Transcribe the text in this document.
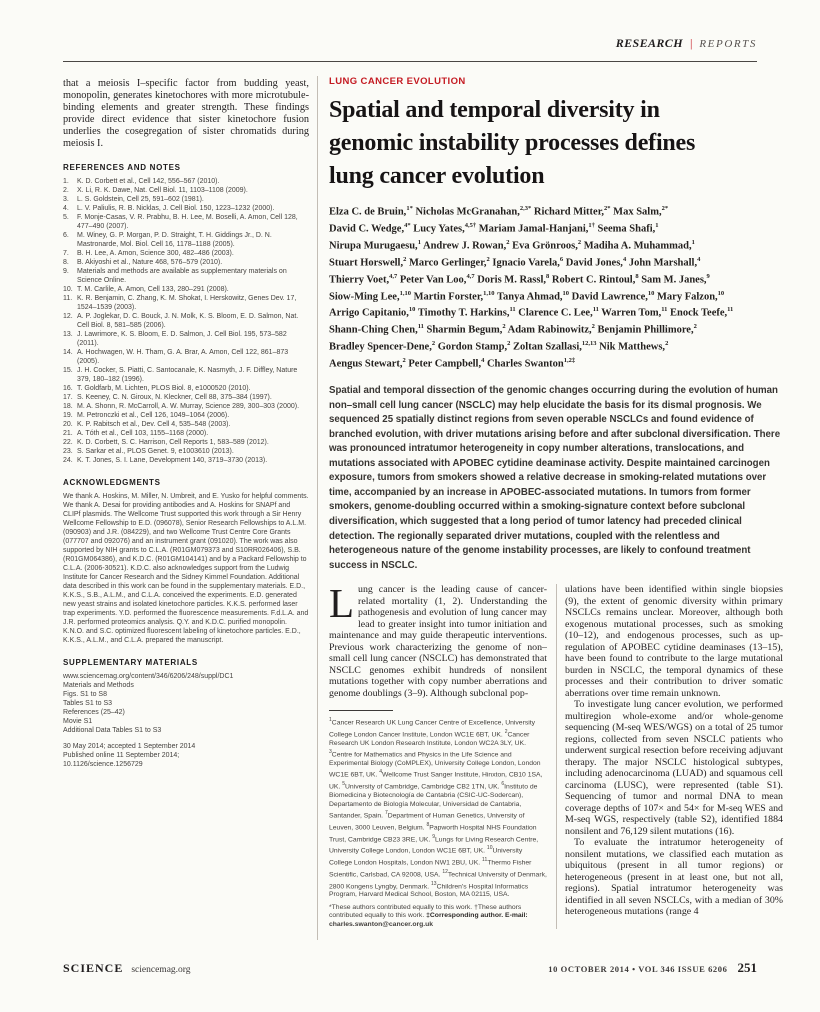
RESEARCH | REPORTS

that a meiosis I–specific factor from budding yeast, monopolin, generates kinetochores with more microtubule-binding elements and greater strength. These findings provide direct evidence that sister kinetochore fusion underlies the cosegregation of sister chromatids during meiosis I.

REFERENCES AND NOTES
1.	K. D. Corbett et al., Cell 142, 556–567 (2010).
2.	X. Li, R. K. Dawe, Nat. Cell Biol. 11, 1103–1108 (2009).
3.	L. S. Goldstein, Cell 25, 591–602 (1981).
4.	L. V. Paliulis, R. B. Nicklas, J. Cell Biol. 150, 1223–1232 (2000).
5.	F. Monje-Casas, V. R. Prabhu, B. H. Lee, M. Boselli, A. Amon, Cell 128, 477–490 (2007).
6.	M. Winey, G. P. Morgan, P. D. Straight, T. H. Giddings Jr., D. N. Mastronarde, Mol. Biol. Cell 16, 1178–1188 (2005).
7.	B. H. Lee, A. Amon, Science 300, 482–486 (2003).
8.	B. Akiyoshi et al., Nature 468, 576–579 (2010).
9.	Materials and methods are available as supplementary materials on Science Online.
10. T. M. Carlile, A. Amon, Cell 133, 280–291 (2008).
11. K. R. Benjamin, C. Zhang, K. M. Shokat, I. Herskowitz, Genes Dev. 17, 1524–1539 (2003).
12. A. P. Joglekar, D. C. Bouck, J. N. Molk, K. S. Bloom, E. D. Salmon, Nat. Cell Biol. 8, 581–585 (2006).
13. J. Lawrimore, K. S. Bloom, E. D. Salmon, J. Cell Biol. 195, 573–582 (2011).
14. A. Hochwagen, W. H. Tham, G. A. Brar, A. Amon, Cell 122, 861–873 (2005).
15. J. H. Cocker, S. Piatti, C. Santocanale, K. Nasmyth, J. F. Diffley, Nature 379, 180–182 (1996).
16. T. Goldfarb, M. Lichten, PLOS Biol. 8, e1000520 (2010).
17. S. Keeney, C. N. Giroux, N. Kleckner, Cell 88, 375–384 (1997).
18. M. A. Shonn, R. McCarroll, A. W. Murray, Science 289, 300–303 (2000).
19. M. Petronczki et al., Cell 126, 1049–1064 (2006).
20. K. P. Rabitsch et al., Dev. Cell 4, 535–548 (2003).
21. A. Tóth et al., Cell 103, 1155–1168 (2000).
22. K. D. Corbett, S. C. Harrison, Cell Reports 1, 583–589 (2012).
23. S. Sarkar et al., PLOS Genet. 9, e1003610 (2013).
24. K. T. Jones, S. I. Lane, Development 140, 3719–3730 (2013).
ACKNOWLEDGMENTS

We thank A. Hoskins, M. Miller, N. Umbreit, and E. Yusko for helpful comments. We thank A. Desai for providing antibodies and A. Hoskins for SNAPf and CLIPf plasmids. The Wellcome Trust supported this work through a Sir Henry Wellcome Fellowship to E.D. (096078), Senior Research Fellowships to A.L.M. (090903) and J.R. (084229), and two Wellcome Trust Centre Core Grants (077707 and 092076) and an instrument grant (091020). The work was also supported by NIH grants to C.L.A. (R01GM079373 and S10RR026406), S.B. (R01GM064386), and K.D.C. (R01GM104141) and by a Packard Fellowship to C.L.A. (2006-30521). K.D.C. also acknowledges support from the Ludwig Institute for Cancer Research and the Sidney Kimmel Foundation. Additional data described in this work can be found in the supplementary materials. E.D., K.K.S., S.B., A.L.M., and C.L.A. conceived the experiments. E.D. generated new yeast strains and isolated kinetochore particles. K.K.S. performed laser trap experiments. Y.D. performed the fluorescence measurements. F.d.L.A. and J.R. performed proteomics analysis. Q.Y. and K.D.C. purified monopolin. K.N.O. and S.C. optimized fluorescent labeling of kinetochore particles. E.D., K.K.S., A.L.M., and C.L.A. prepared the manuscript.

SUPPLEMENTARY MATERIALS
www.sciencemag.org/content/346/6206/248/suppl/DC1
Materials and Methods
Figs. S1 to S8
Tables S1 to S3
References (25–42)
Movie S1
Additional Data Tables S1 to S3
30 May 2014; accepted 1 September 2014
Published online 11 September 2014;
10.1126/science.1256729
LUNG CANCER EVOLUTION
Spatial and temporal diversity in
genomic instability processes defines
lung cancer evolution
Elza C. de Bruin,$^{1*}$ Nicholas McGranahan,$^{2,3*}$ Richard Mitter,$^{2*}$ Max Salm,$^{2*}$
David C. Wedge,$^{4*}$ Lucy Yates,$^{4,5\dagger}$ Mariam Jamal-Hanjani,$^{1\dagger}$ Seema Shafi,$^1$
Nirupa Murugaesu,$^1$ Andrew J. Rowan,$^2$ Eva Grönroos,$^2$ Madiha A. Muhammad,$^1$
Stuart Horswell,$^2$ Marco Gerlinger,$^2$ Ignacio Varela,$^6$ David Jones,$^4$ John Marshall,$^4$
Thierry Voet,$^{4,7}$ Peter Van Loo,$^{4,7}$ Doris M. Rassl,$^8$ Robert C. Rintoul,$^8$ Sam M. Janes,$^9$
Siow-Ming Lee,$^{1,10}$ Martin Forster,$^{1,10}$ Tanya Ahmad,$^{10}$ David Lawrence,$^{10}$ Mary Falzon,$^{10}$
Arrigo Capitanio,$^{10}$ Timothy T. Harkins,$^{11}$ Clarence C. Lee,$^{11}$ Warren Tom,$^{11}$ Enock Teefe,$^{11}$
Shann-Ching Chen,$^{11}$ Sharmin Begum,$^2$ Adam Rabinowitz,$^2$ Benjamin Phillimore,$^2$
Bradley Spencer-Dene,$^2$ Gordon Stamp,$^2$ Zoltan Szallasi,$^{12,13}$ Nik Matthews,$^2$
Aengus Stewart,$^2$ Peter Campbell,$^4$ Charles Swanton$^{1,2\ddagger}$

Spatial and temporal dissection of the genomic changes occurring during the evolution of human non–small cell lung cancer (NSCLC) may help elucidate the basis for its dismal prognosis. We sequenced 25 spatially distinct regions from seven operable NSCLCs and found evidence of branched evolution, with driver mutations arising before and after subclonal diversification. There was pronounced intratumor heterogeneity in copy number alterations, translocations, and mutations associated with APOBEC cytidine deaminase activity. Despite maintained carcinogen exposure, tumors from smokers showed a relative decrease in smoking-related mutations over time, accompanied by an increase in APOBEC-associated mutations. In tumors from former smokers, genome-doubling occurred within a smoking-signature context before subclonal diversification, which suggested that a long period of tumor latency had preceded clinical detection. The regionally separated driver mutations, coupled with the relentless and heterogeneous nature of the genome instability processes, are likely to confound treatment success in NSCLC.

Lung cancer is the leading cause of cancer-related mortality (1, 2). Understanding the pathogenesis and evolution of lung cancer may lead to greater insight into tumor initiation and maintenance and may guide therapeutic interventions. Previous work characterizing the genome of non–small cell lung cancer (NSCLC) has demonstrated that NSCLC genomes exhibit hundreds of nonsilent mutations together with copy number aberrations and genome doublings (3–9). Although subclonal pop-

$^1$Cancer Research UK Lung Cancer Centre of Excellence, University College London Cancer Institute, London WC1E 6BT, UK. $^2$Cancer Research UK London Research Institute, London WC2A 3LY, UK. $^3$Centre for Mathematics and Physics in the Life Science and Experimental Biology (CoMPLEX), University College London, London WC1E 6BT, UK. $^4$Wellcome Trust Sanger Institute, Hinxton, CB10 1SA, UK. $^5$University of Cambridge, Cambridge CB2 1TN, UK. $^6$Instituto de Biomedicina y Biotecnología de Cantabria (CSIC-UC-Sodercan), Departamento de Biología Molecular, Universidad de Cantabria, Santander, Spain. $^7$Department of Human Genetics, University of Leuven, 3000 Leuven, Belgium. $^8$Papworth Hospital NHS Foundation Trust, Cambridge CB23 3RE, UK. $^9$Lungs for Living Research Centre, University College London, London WC1E 6BT, UK. $^{10}$University College London Hospitals, London NW1 2BU, UK. $^{11}$Thermo Fisher Scientific, Carlsbad, CA 92008, USA. $^{12}$Technical University of Denmark, 2800 Kongens Lyngby, Denmark. $^{13}$Children's Hospital Informatics Program, Harvard Medical School, Boston, MA 02115, USA.

*These authors contributed equally to this work. †These authors contributed equally to this work. ‡Corresponding author. E-mail: charles.swanton@cancer.org.uk

ulations have been identified within single biopsies (9), the extent of genomic diversity within primary NSCLCs remains unclear. Moreover, although both exogenous mutational processes, such as smoking (10–12), and endogenous processes, such as up-regulation of APOBEC cytidine deaminases (13–15), have been found to contribute to the large mutational burden in NSCLC, the temporal dynamics of these processes and their contribution to driver somatic aberrations over time remain unknown.

To investigate lung cancer evolution, we performed multiregion whole-exome and/or whole-genome sequencing (M-seq WES/WGS) on a total of 25 tumor regions, collected from seven NSCLC patients who underwent surgical resection before receiving adjuvant therapy. The major NSCLC histological subtypes, including adenocarcinoma (LUAD) and squamous cell carcinoma (LUSC), were represented (table S1). Sequencing of tumor and normal DNA to mean coverage depths of 107× and 54× for M-seq WES and M-seq WGS, respectively (table S2), identified 1884 nonsilent and 76,129 silent mutations (16).

To evaluate the intratumor heterogeneity of nonsilent mutations, we classified each mutation as ubiquitous (present in all tumor regions) or heterogeneous (present in at least one, but not all, regions). Spatial intratumor heterogeneity was identified in all seven NSCLCs, with a median of 30% heterogeneous mutations (range 4

SCIENCE sciencemag.org	10 OCTOBER 2014 • VOL 346 ISSUE 6206 251
